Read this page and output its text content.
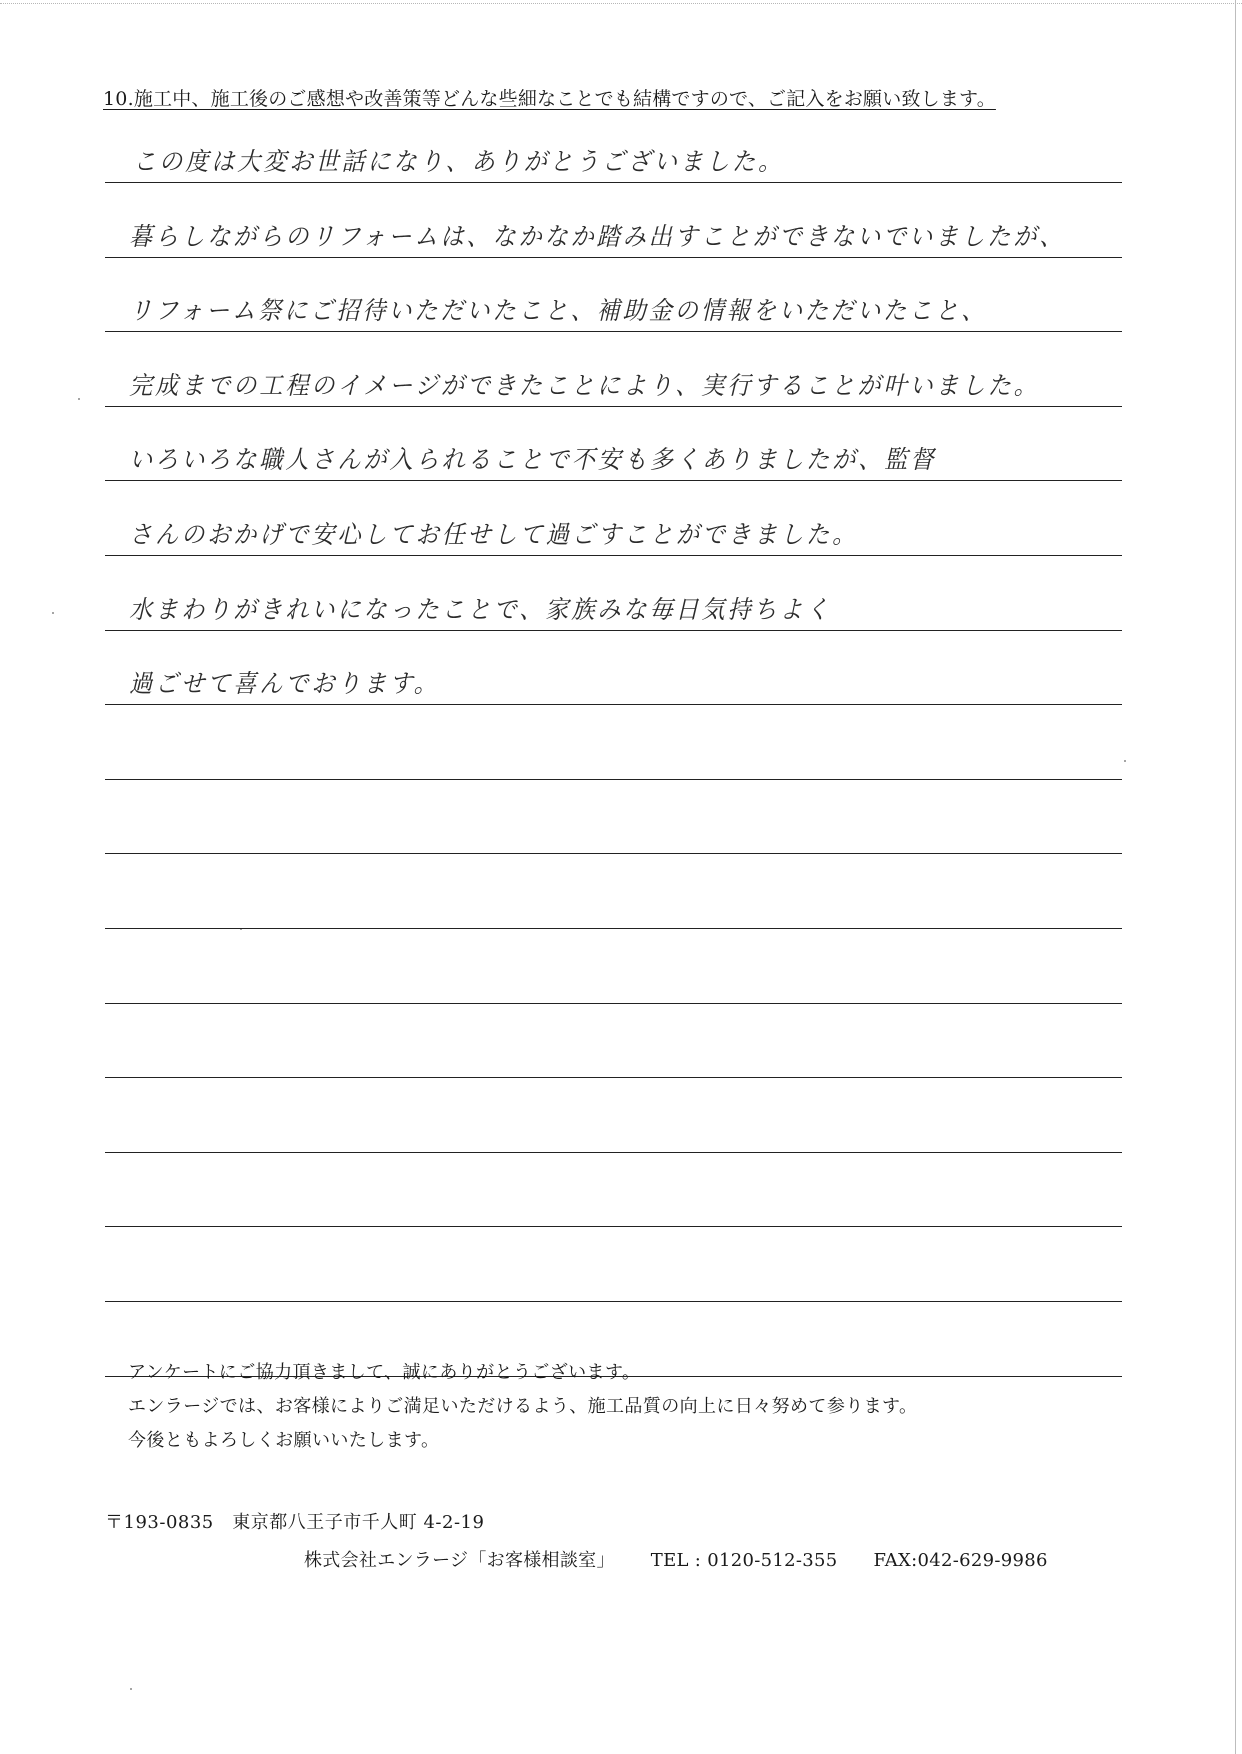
10.施工中、施工後のご感想や改善策等どんな些細なことでも結構ですので、ご記入をお願い致します。
この度は大変お世話になり、ありがとうございました。
暮らしながらのリフォームは、なかなか踏み出すことができないでいましたが、
リフォーム祭にご招待いただいたこと、補助金の情報をいただいたこと、
完成までの工程のイメージができたことにより、実行することが叶いました。
いろいろな職人さんが入られることで不安も多くありましたが、監督
さんのおかげで安心してお任せして過ごすことができました。
水まわりがきれいになったことで、家族みな毎日気持ちよく
過ごせて喜んでおります。

アンケートにご協力頂きまして、誠にありがとうございます。

エンラージでは、お客様によりご満足いただけるよう、施工品質の向上に日々努めて参ります。

今後ともよろしくお願いいたします。

〒193-0835　東京都八王子市千人町 4-2-19
株式会社エンラージ「お客様相談室」 TEL : 0120-512-355 FAX:042-629-9986
